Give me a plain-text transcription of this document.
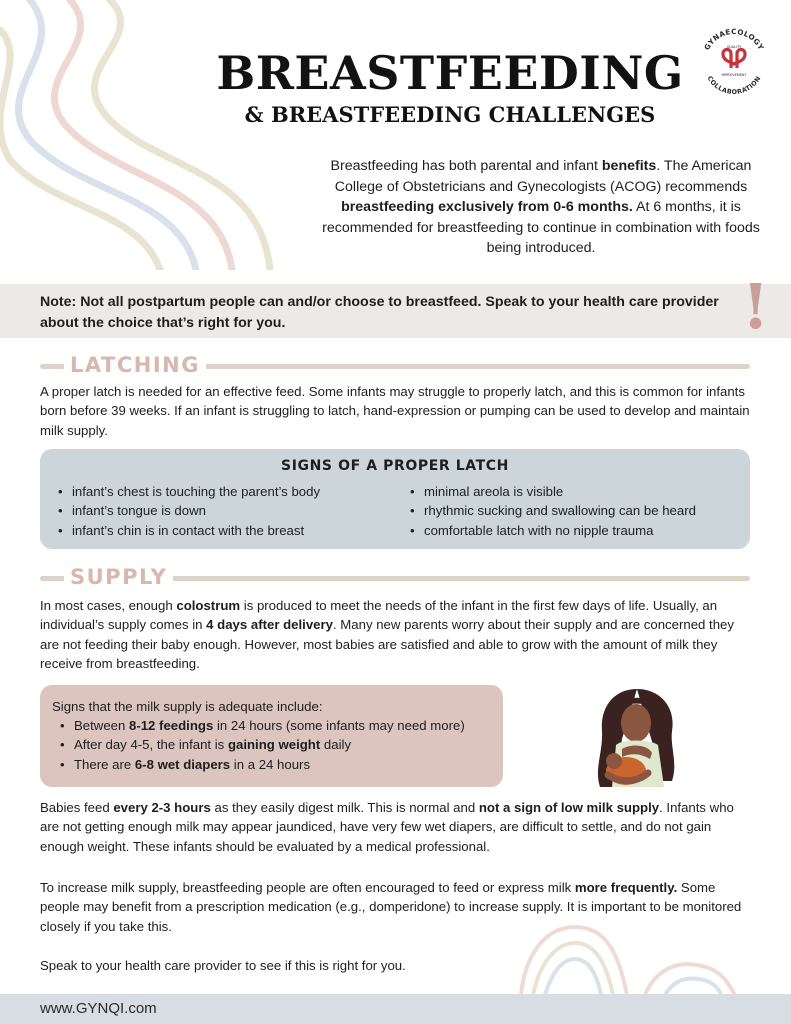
BREASTFEEDING
& BREASTFEEDING CHALLENGES
GYNAECOLOGY
COLLABORATION
QUALITY
IMPROVEMENT
Breastfeeding has both parental and infant benefits. The American College of Obstetricians and Gynecologists (ACOG) recommends breastfeeding exclusively from 0-6 months. At 6 months, it is recommended for breastfeeding to continue in combination with foods being introduced.
Note: Not all postpartum people can and/or choose to breastfeed. Speak to your health care provider about the choice that’s right for you.	!
LATCHING
A proper latch is needed for an effective feed. Some infants may struggle to properly latch, and this is common for infants born before 39 weeks. If an infant is struggling to latch, hand-expression or pumping can be used to develop and maintain milk supply.
SIGNS OF A PROPER LATCH
• infant’s chest is touching the parent’s body
• infant’s tongue is down
• infant’s chin is in contact with the breast
• minimal areola is visible
• rhythmic sucking and swallowing can be heard
• comfortable latch with no nipple trauma
SUPPLY
In most cases, enough colostrum is produced to meet the needs of the infant in the first few days of life. Usually, an individual’s supply comes in 4 days after delivery. Many new parents worry about their supply and are concerned they are not feeding their baby enough. However, most babies are satisfied and able to grow with the amount of milk they receive from breastfeeding.
Signs that the milk supply is adequate include:
• Between 8-12 feedings in 24 hours (some infants may need more)
• After day 4-5, the infant is gaining weight daily
• There are 6-8 wet diapers in a 24 hours
Babies feed every 2-3 hours as they easily digest milk. This is normal and not a sign of low milk supply. Infants who are not getting enough milk may appear jaundiced, have very few wet diapers, are difficult to settle, and do not gain enough weight. These infants should be evaluated by a medical professional.
To increase milk supply, breastfeeding people are often encouraged to feed or express milk more frequently. Some people may benefit from a prescription medication (e.g., domperidone) to increase supply. It is important to be monitored closely if you take this.
Speak to your health care provider to see if this is right for you.
www.GYNQI.com
